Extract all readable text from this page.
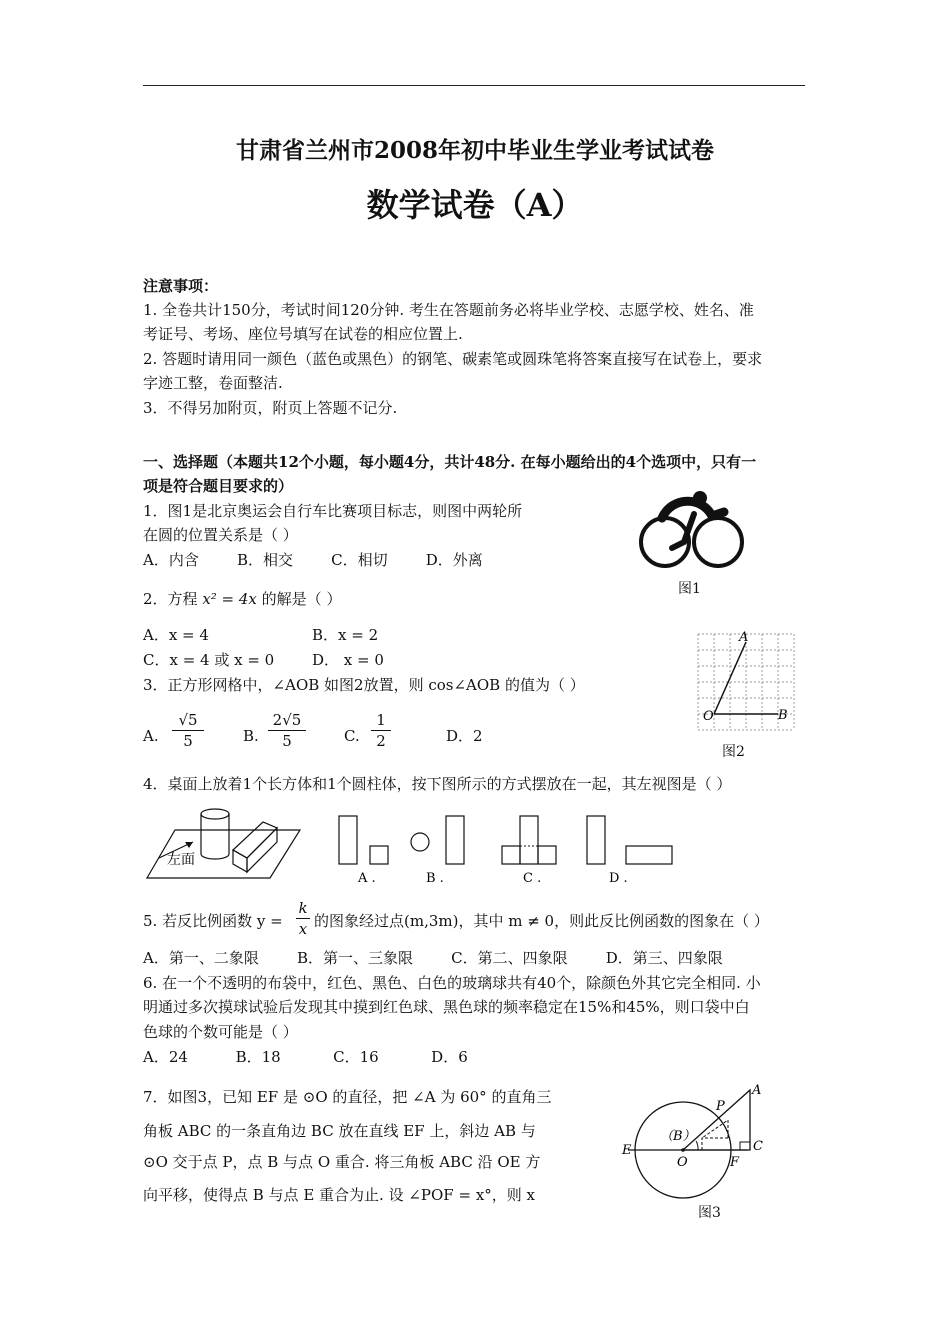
甘肃省兰州市2008年初中毕业生学业考试试卷
数学试卷（A）
注意事项：
1. 全卷共计150分，考试时间120分钟. 考生在答题前务必将毕业学校、志愿学校、姓名、准
考证号、考场、座位号填写在试卷的相应位置上.
2. 答题时请用同一颜色（蓝色或黑色）的钢笔、碳素笔或圆珠笔将答案直接写在试卷上，要求
字迹工整，卷面整洁.
3．不得另加附页，附页上答题不记分.
一、选择题（本题共12个小题，每小题4分，共计48分. 在每小题给出的4个选项中，只有一
项是符合题目要求的）
1．图1是北京奥运会自行车比赛项目标志，则图中两轮所
在圆的位置关系是（ ）
A．内含        B．相交        C．相切        D．外离
图1
2．方程 x² = 4x 的解是（ ）
A．x = 4	B．x = 2
C．x = 4 或 x = 0	D． x = 0
3．正方形网格中，∠AOB 如图2放置，则 cos∠AOB 的值为（ ）
A. $\frac{√5}{5}$	B. $\frac{2√5}{5}$	C. $\frac{1}{2}$	D．2
A
O	B
图2
4．桌面上放着1个长方体和1个圆柱体，按下图所示的方式摆放在一起，其左视图是（ ）
左面
A .	B .	C .	D .
5. 若反比例函数 $y = \frac{k}{x}$ 的图象经过点(m,3m)，其中 m ≠ 0，则此反比例函数的图象在（ ）
A．第一、二象限        B．第一、三象限        C．第二、四象限        D．第三、四象限
6. 在一个不透明的布袋中，红色、黑色、白色的玻璃球共有40个，除颜色外其它完全相同. 小
明通过多次摸球试验后发现其中摸到红色球、黑色球的频率稳定在15%和45%，则口袋中白
色球的个数可能是（ ）
A．24          B．18           C．16           D．6
7．如图3，已知 EF 是 ⊙O 的直径，把 ∠A 为 60° 的直角三
角板 ABC 的一条直角边 BC 放在直线 EF 上，斜边 AB 与
⊙O 交于点 P，点 B 与点 O 重合. 将三角板 ABC 沿 OE 方
向平移，使得点 B 与点 E 重合为止. 设 ∠POF = x°，则 x
A
P
（B）
E
O	F
C
图3
